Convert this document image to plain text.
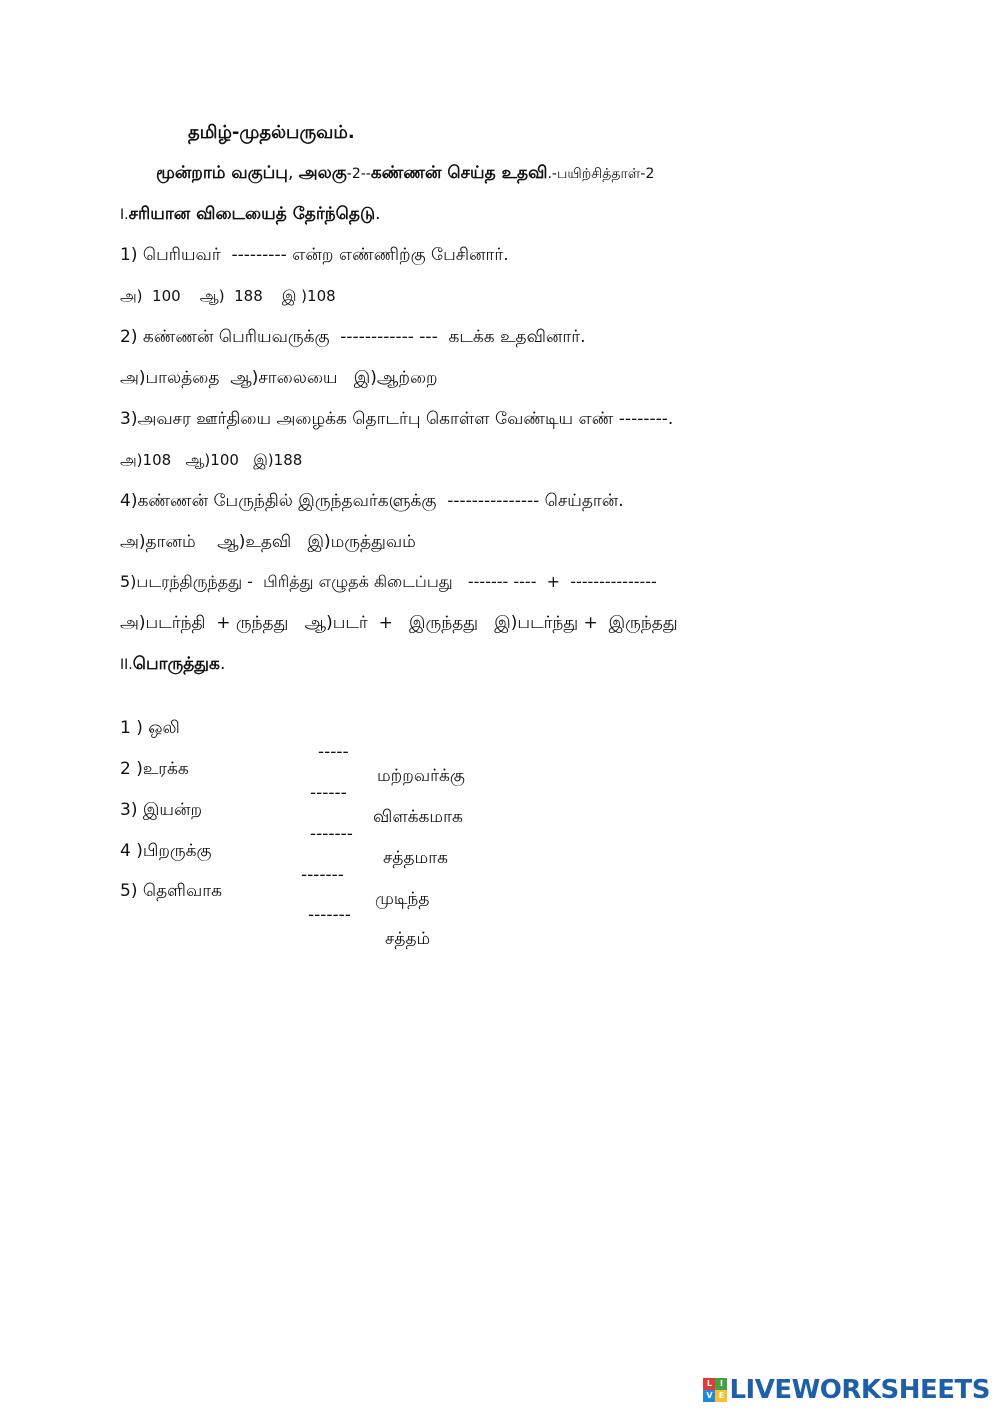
தமிழ்-முதல்பருவம்.
மூன்றாம் வகுப்பு, அலகு-2--கண்ணன் செய்த உதவி.-பயிற்சித்தாள்-2
I.சரியான விடையைத் தேர்ந்தெடு.
1) பெரியவர்  --------- என்ற எண்ணிற்கு பேசினார்.
அ)  100    ஆ)  188    இ )108
2) கண்ணன் பெரியவருக்கு  ------------ ---  கடக்க உதவினார்.
அ)பாலத்தை  ஆ)சாலையை   இ)ஆற்றை
3)அவசர ஊர்தியை அழைக்க தொடர்பு கொள்ள வேண்டிய எண் --------.
அ)108   ஆ)100   இ)188
4)கண்ணன் பேருந்தில் இருந்தவர்களுக்கு  --------------- செய்தான்.
அ)தானம்    ஆ)உதவி   இ)மருத்துவம்
5)படரந்திருந்தது -  பிரித்து எழுதக் கிடைப்பது   ------- ----  +  ---------------
அ)படர்ந்தி  + ருந்தது   ஆ)படர்  +   இருந்தது   இ)படர்ந்து +  இருந்தது
II.பொருத்துக.

1 ) ஒலி

-----

மற்றவர்க்கு

2 )உரக்க

------

விளக்கமாக

3) இயன்ற

-------

சத்தமாக

4 )பிறருக்கு

-------

முடிந்த

5) தெளிவாக

-------

சத்தம்

L I
V E LIVEWORKSHEETS
